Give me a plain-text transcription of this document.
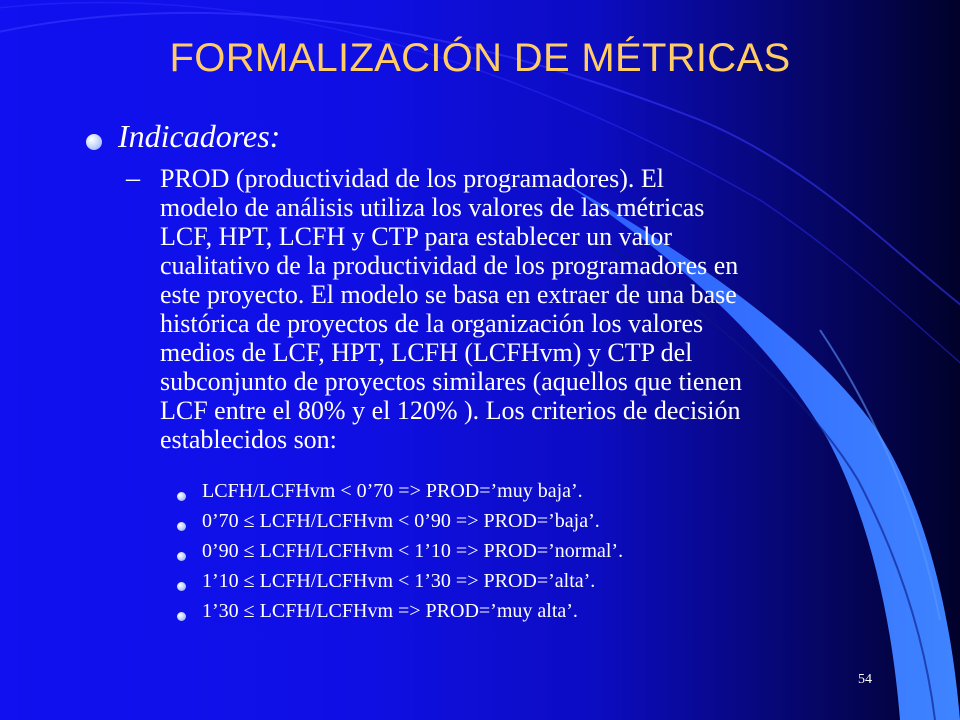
FORMALIZACIÓN DE MÉTRICAS
Indicadores:
– PROD (productividad de los programadores). El
modelo de análisis utiliza los valores de las métricas
LCF, HPT, LCFH y CTP para establecer un valor
cualitativo de la productividad de los programadores en
este proyecto. El modelo se basa en extraer de una base
histórica de proyectos de la organización los valores
medios de LCF, HPT, LCFH (LCFHvm) y CTP del
subconjunto de proyectos similares (aquellos que tienen
LCF entre el 80% y el 120% ). Los criterios de decisión
establecidos son:
LCFH/LCFHvm < 0’70 => PROD=’muy baja’.
0’70 ≤ LCFH/LCFHvm < 0’90 => PROD=’baja’.
0’90 ≤ LCFH/LCFHvm < 1’10 => PROD=’normal’.
1’10 ≤ LCFH/LCFHvm < 1’30 => PROD=’alta’.
1’30 ≤ LCFH/LCFHvm => PROD=’muy alta’.
54
